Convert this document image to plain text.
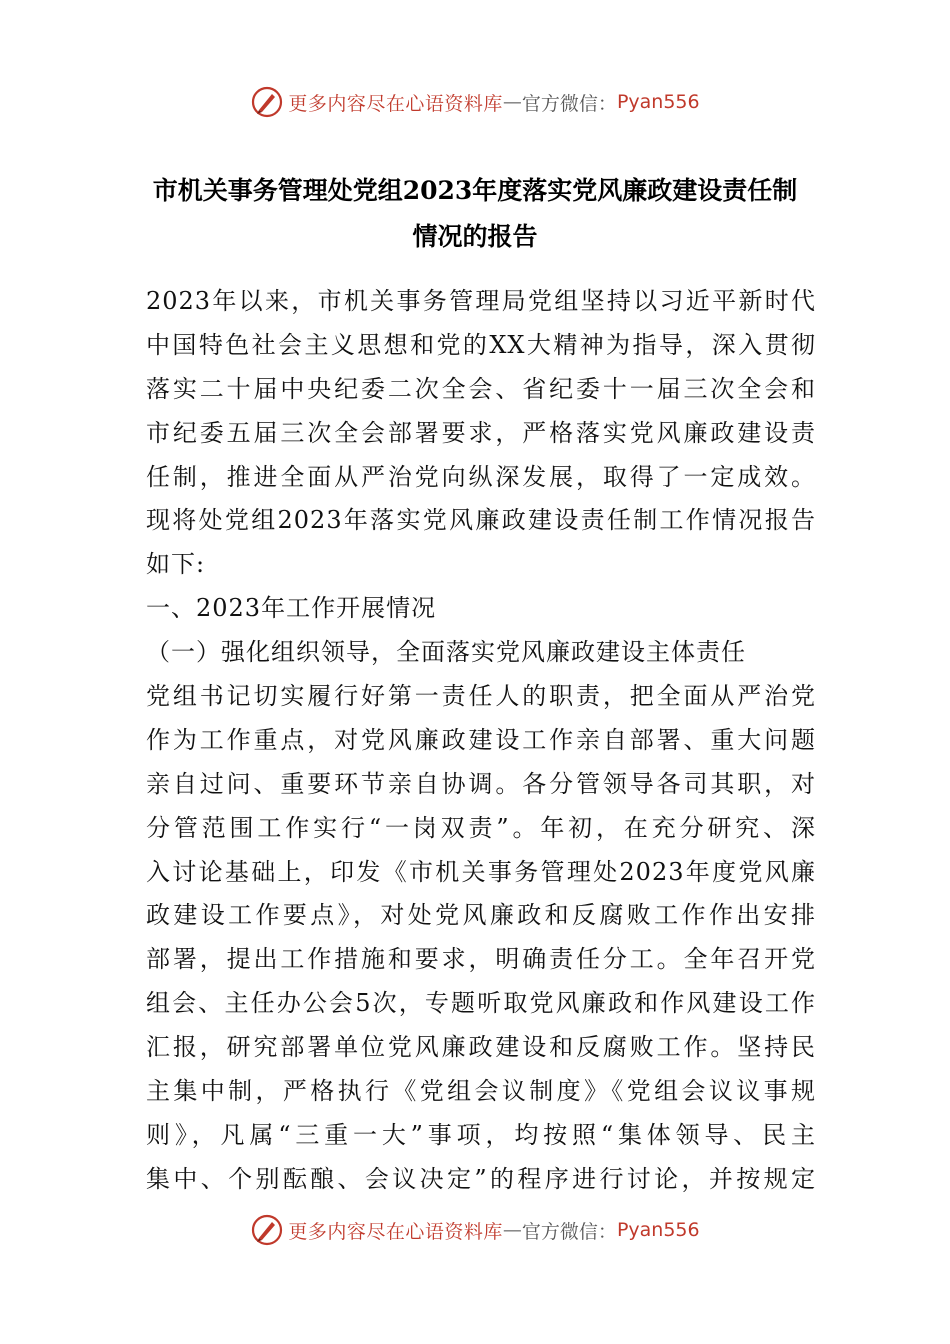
更多内容尽在心语资料库 — 官方微信： Pyan556
市机关事务管理处党组2023年度落实党风廉政建设责任制
情况的报告
2023年以来，市机关事务管理局党组坚持以习近平新时代
中国特色社会主义思想和党的XX大精神为指导，深入贯彻
落实二十届中央纪委二次全会、省纪委十一届三次全会和
市纪委五届三次全会部署要求，严格落实党风廉政建设责
任制，推进全面从严治党向纵深发展，取得了一定成效。
现将处党组2023年落实党风廉政建设责任制工作情况报告
如下:
一、2023年工作开展情况
（一）强化组织领导，全面落实党风廉政建设主体责任
党组书记切实履行好第一责任人的职责，把全面从严治党
作为工作重点，对党风廉政建设工作亲自部署、重大问题
亲自过问、重要环节亲自协调。各分管领导各司其职，对
分管范围工作实行“一岗双责”。年初，在充分研究、深
入讨论基础上，印发《市机关事务管理处2023年度党风廉
政建设工作要点》，对处党风廉政和反腐败工作作出安排
部署，提出工作措施和要求，明确责任分工。全年召开党
组会、主任办公会5次，专题听取党风廉政和作风建设工作
汇报，研究部署单位党风廉政建设和反腐败工作。坚持民
主集中制，严格执行《党组会议制度》《党组会议议事规
则》，凡属“三重一大”事项，均按照“集体领导、民主
集中、个别酝酿、会议决定”的程序进行讨论，并按规定
更多内容尽在心语资料库 — 官方微信： Pyan556
